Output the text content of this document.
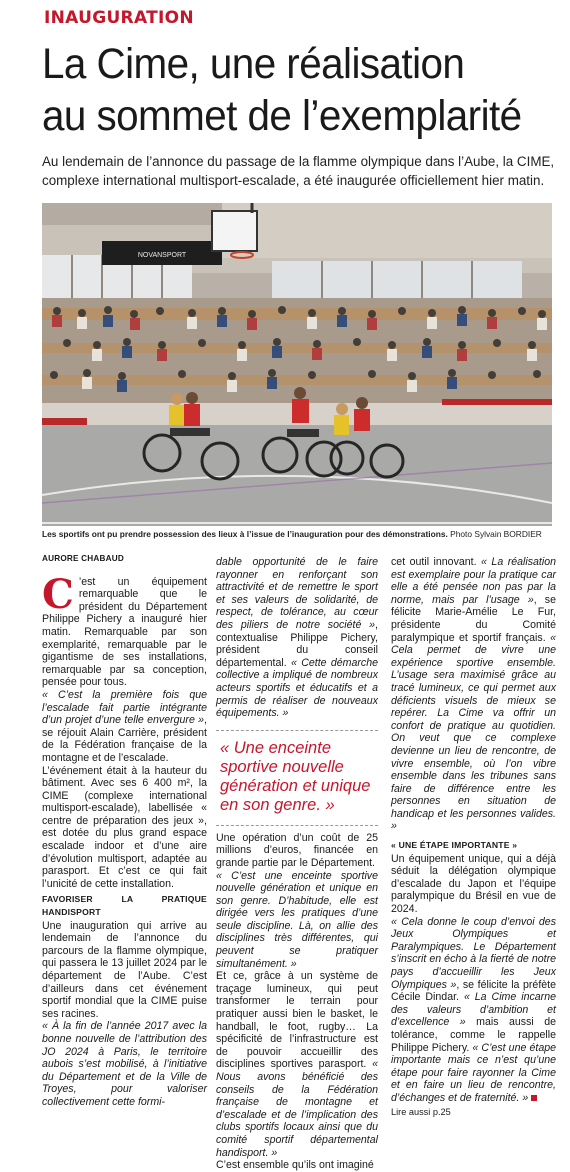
INAUGURATION
La Cime, une réalisation
au sommet de l’exemplarité

Au lendemain de l’annonce du passage de la flamme olympique dans l’Aube, la CIME, complexe international multisport-escalade, a été inaugurée officiellement hier matin.

NOVANSPORT
Les sportifs ont pu prendre possession des lieux à l’issue de l’inauguration pour des démonstrations. Photo Sylvain BORDIER
AURORE CHABAUD

C ’est un équipement remarquable que le président du Département Philippe Pichery a inauguré hier matin. Remarquable par son exemplarité, remarquable par le gigantisme de ses installations, remarquable par sa conception, pensée pour tous.

« C’est la première fois que l’escalade fait partie intégrante d’un projet d’une telle envergure », se réjouit Alain Carrière, président de la Fédération française de la montagne et de l’escalade.

L’événement était à la hauteur du bâtiment. Avec ses 6 400 m², la CIME (complexe international multisport-escalade), labellisée « centre de préparation des jeux », est dotée du plus grand espace escalade indoor et d’une aire d’évolution multisport, adaptée au parasport. Et c’est ce qui fait l’unicité de cette installation.

FAVORISER LA PRATIQUE HANDISPORT

Une inauguration qui arrive au lendemain de l’annonce du parcours de la flamme olympique, qui passera le 13 juillet 2024 par le département de l’Aube. C’est d’ailleurs dans cet événement sportif mondial que la CIME puise ses racines.

« À la fin de l’année 2017 avec la bonne nouvelle de l’attribution des JO 2024 à Paris, le territoire aubois s’est mobilisé, à l’initiative du Département et de la Ville de Troyes, pour valoriser collectivement cette formi-

dable opportunité de le faire rayonner en renforçant son attractivité et de remettre le sport et ses valeurs de solidarité, de respect, de tolérance, au cœur des piliers de notre société », contextualise Philippe Pichery, président du conseil départemental. « Cette démarche collective a impliqué de nombreux acteurs sportifs et éducatifs et a permis de réaliser de nouveaux équipements. »

« Une enceinte sportive nouvelle génération et unique en son genre. »

Une opération d’un coût de 25 millions d’euros, financée en grande partie par le Département.

« C’est une enceinte sportive nouvelle génération et unique en son genre. D’habitude, elle est dirigée vers les pratiques d’une seule discipline. Là, on allie des disciplines très différentes, qui peuvent se pratiquer simultanément. »

Et ce, grâce à un système de traçage lumineux, qui peut transformer le terrain pour pratiquer aussi bien le basket, le handball, le foot, rugby… La spécificité de l’infrastructure est de pouvoir accueillir des disciplines sportives parasport. « Nous avons bénéficié des conseils de la Fédération française de montagne et d’escalade et de l’implication des clubs sportifs locaux ainsi que du comité sportif départemental handisport. »

C’est ensemble qu’ils ont imaginé

cet outil innovant. « La réalisation est exemplaire pour la pratique car elle a été pensée non pas par la norme, mais par l’usage », se félicite Marie-Amélie Le Fur, présidente du Comité paralympique et sportif français. « Cela permet de vivre une expérience sportive ensemble. L’usage sera maximisé grâce au tracé lumineux, ce qui permet aux déficients visuels de mieux se repérer. La Cime va offrir un confort de pratique au quotidien. On veut que ce complexe devienne un lieu de rencontre, de vivre ensemble, où l’on vibre ensemble dans les tribunes sans faire de différence entre les personnes en situation de handicap et les personnes valides. »

« UNE ÉTAPE IMPORTANTE »

Un équipement unique, qui a déjà séduit la délégation olympique d’escalade du Japon et l’équipe paralympique du Brésil en vue de 2024.

« Cela donne le coup d’envoi des Jeux Olympiques et Paralympiques. Le Département s’inscrit en écho à la fierté de notre pays d’accueillir les Jeux Olympiques », se félicite la préfète Cécile Dindar. « La Cime incarne des valeurs d’ambition et d’excellence » mais aussi de tolérance, comme le rappelle Philippe Pichery. « C’est une étape importante mais ce n’est qu’une étape pour faire rayonner la Cime et en faire un lieu de rencontre, d’échanges et de fraternité. »

Lire aussi p.25
